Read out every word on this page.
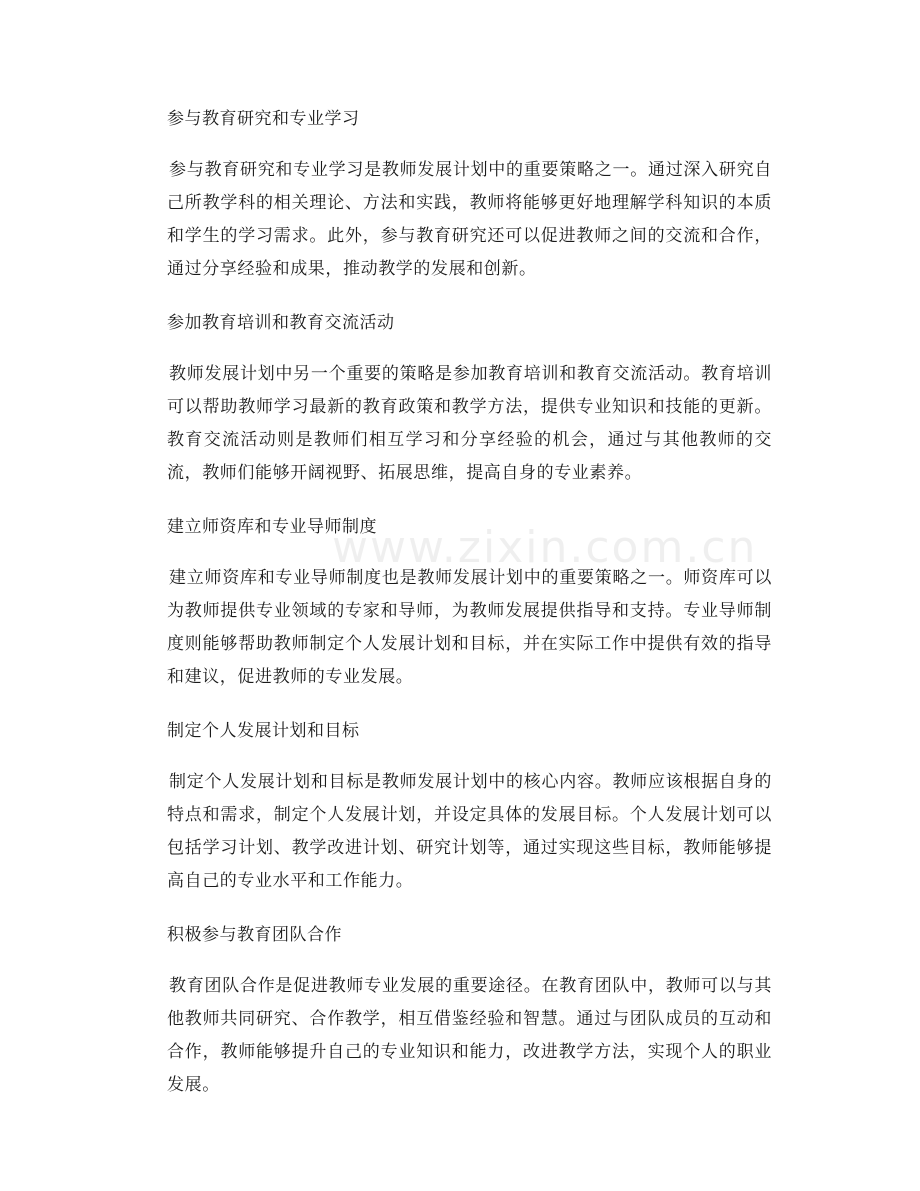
www.zixin.com.cn
参与教育研究和专业学习

参与教育研究和专业学习是教师发展计划中的重要策略之一。通过深入研究自己所教学科的相关理论、方法和实践，教师将能够更好地理解学科知识的本质和学生的学习需求。此外，参与教育研究还可以促进教师之间的交流和合作，通过分享经验和成果，推动教学的发展和创新。

参加教育培训和教育交流活动

教师发展计划中另一个重要的策略是参加教育培训和教育交流活动。教育培训可以帮助教师学习最新的教育政策和教学方法，提供专业知识和技能的更新。教育交流活动则是教师们相互学习和分享经验的机会，通过与其他教师的交流，教师们能够开阔视野、拓展思维，提高自身的专业素养。

建立师资库和专业导师制度

建立师资库和专业导师制度也是教师发展计划中的重要策略之一。师资库可以为教师提供专业领域的专家和导师，为教师发展提供指导和支持。专业导师制度则能够帮助教师制定个人发展计划和目标，并在实际工作中提供有效的指导和建议，促进教师的专业发展。

制定个人发展计划和目标

制定个人发展计划和目标是教师发展计划中的核心内容。教师应该根据自身的特点和需求，制定个人发展计划，并设定具体的发展目标。个人发展计划可以包括学习计划、教学改进计划、研究计划等，通过实现这些目标，教师能够提高自己的专业水平和工作能力。

积极参与教育团队合作

教育团队合作是促进教师专业发展的重要途径。在教育团队中，教师可以与其他教师共同研究、合作教学，相互借鉴经验和智慧。通过与团队成员的互动和合作，教师能够提升自己的专业知识和能力，改进教学方法，实现个人的职业发展。
